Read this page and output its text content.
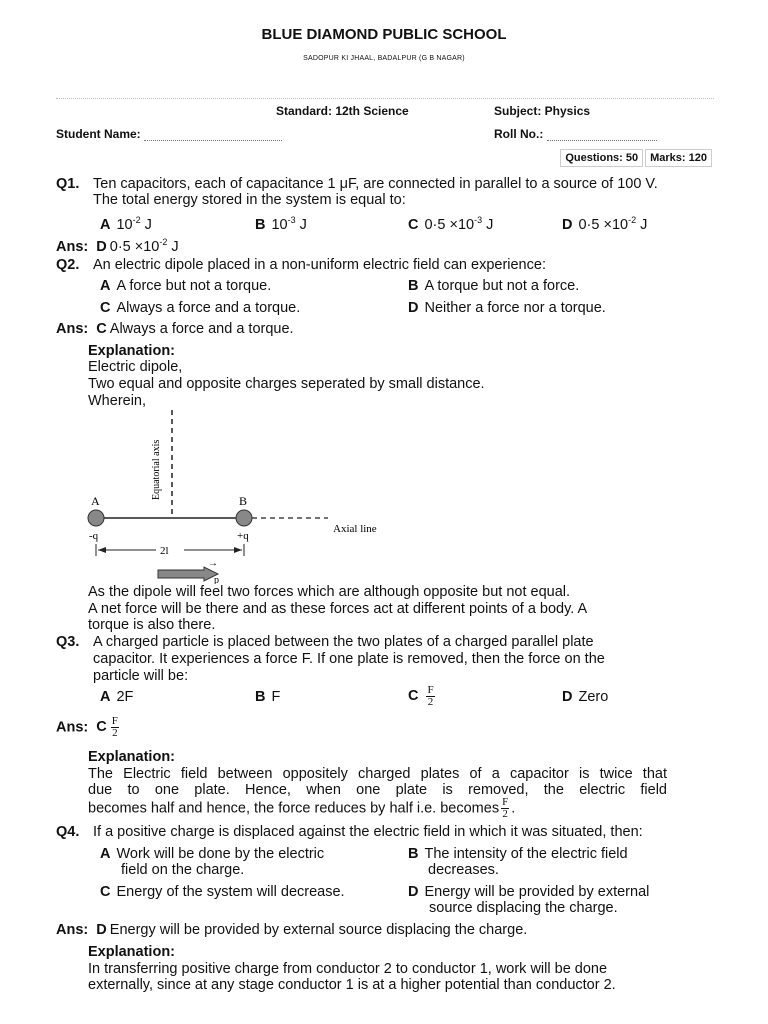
BLUE DIAMOND PUBLIC SCHOOL
SADOPUR KI JHAAL, BADALPUR (G B NAGAR)
Standard: 12th Science	Subject: Physics
Student Name:	Roll No.:
Questions: 50	Marks: 120
Q1. Ten capacitors, each of capacitance 1 μF, are connected in parallel to a source of 100 V.
The total energy stored in the system is equal to:
A $10^{-2}$ J	B $10^{-3}$ J	C $0\cdot 5 \times 10^{-3}$ J	D $0\cdot 5 \times 10^{-2}$ J
Ans: D $0\cdot 5 \times 10^{-2}$ J
Q2. An electric dipole placed in a non-uniform electric field can experience:
A A force but not a torque.	B A torque but not a force.
C Always a force and a torque.	D Neither a force nor a torque.
Ans: C Always a force and a torque.
Explanation:
Electric dipole,
Two equal and opposite charges seperated by small distance.
Wherein,
Equatorial axis
Axial line
A	B
-q	+q
2l
→
p
As the dipole will feel two forces which are although opposite but not equal.
A net force will be there and as these forces act at different points of a body. A
torque is also there.
Q3. A charged particle is placed between the two plates of a charged parallel plate
capacitor. It experiences a force F. If one plate is removed, then the force on the
particle will be:
A 2F	B F	C $\frac{F}{2}$	D Zero
Ans: C $\frac{F}{2}$
Explanation:
The Electric field between oppositely charged plates of a capacitor is twice that
due to one plate. Hence, when one plate is removed, the electric field
becomes half and hence, the force reduces by half i.e. becomes $\frac{F}{2}$ .
Q4. If a positive charge is displaced against the electric field in which it was situated, then:
A Work will be done by the electric
field on the charge.
B The intensity of the electric field
decreases.
C Energy of the system will decrease.	D Energy will be provided by external
source displacing the charge.
Ans: D Energy will be provided by external source displacing the charge.
Explanation:
In transferring positive charge from conductor 2 to conductor 1, work will be done
externally, since at any stage conductor 1 is at a higher potential than conductor 2.
